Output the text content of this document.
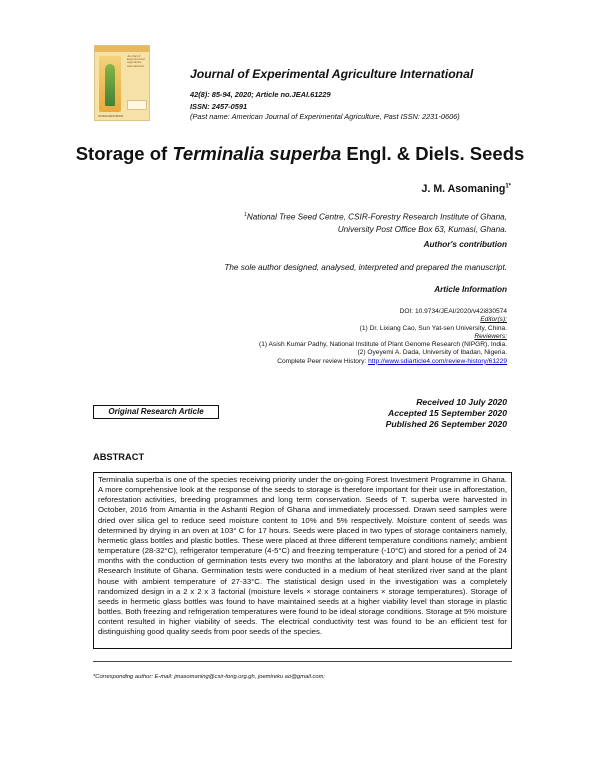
Journal of
Experimental
Agriculture
International
SCIENCEDOMAIN
Journal of Experimental Agriculture International
42(8): 85-94, 2020; Article no.JEAI.61229
ISSN: 2457-0591
(Past name: American Journal of Experimental Agriculture, Past ISSN: 2231-0606)
Storage of Terminalia superba Engl. & Diels. Seeds
J. M. Asomaning$^{1*}$
$^1$National Tree Seed Centre, CSIR-Forestry Research Institute of Ghana,
University Post Office Box 63, Kumasi, Ghana.
Author's contribution
The sole author designed, analysed, interpreted and prepared the manuscript.
Article Information
DOI: 10.9734/JEAI/2020/v42i830574
Editor(s):
(1) Dr. Lixiang Cao, Sun Yat-sen University, China.
Reviewers:
(1) Asish Kumar Padhy, National Institute of Plant Genome Research (NIPGR), India.
(2) Oyeyemi A. Dada, University of Ibadan, Nigeria.
Complete Peer review History: http://www.sdiarticle4.com/review-history/61229
Original Research Article
Received 10 July 2020
Accepted 15 September 2020
Published 26 September 2020
ABSTRACT
Terminalia superba is one of the species receiving priority under the on-going Forest Investment Programme in Ghana. A more comprehensive look at the response of the seeds to storage is therefore important for their use in afforestation, reforestation activities, breeding programmes and long term conservation. Seeds of T. superba were harvested in October, 2016 from Amantia in the Ashanti Region of Ghana and immediately processed. Drawn seed samples were dried over silica gel to reduce seed moisture content to 10% and 5% respectively. Moisture content of seeds was determined by drying in an oven at 103° C for 17 hours. Seeds were placed in two types of storage containers namely, hermetic glass bottles and plastic bottles. These were placed at three different temperature conditions namely; ambient temperature (28-32°C), refrigerator temperature (4-5°C) and freezing temperature (-10°C) and stored for a period of 24 months with the conduction of germination tests every two months at the laboratory and plant house of the Forestry Research Institute of Ghana. Germination tests were conducted in a medium of heat sterilized river sand at the plant house with ambient temperature of 27-33°C. The statistical design used in the investigation was a completely randomized design in a 2 x 2 x 3 factorial (moisture levels × storage containers × storage temperatures). Storage of seeds in hermetic glass bottles was found to have maintained seeds at a higher viability level than storage in plastic bottles. Both freezing and refrigeration temperatures were found to be ideal storage conditions. Storage at 5% moisture content resulted in higher viability of seeds. The electrical conductivity test was found to be an efficient test for distinguishing good quality seeds from poor seeds of the species.
*Corresponding author: E-mail: jmasomaning@csir-forig.org.gh, joemireku ao@gmail.com;
